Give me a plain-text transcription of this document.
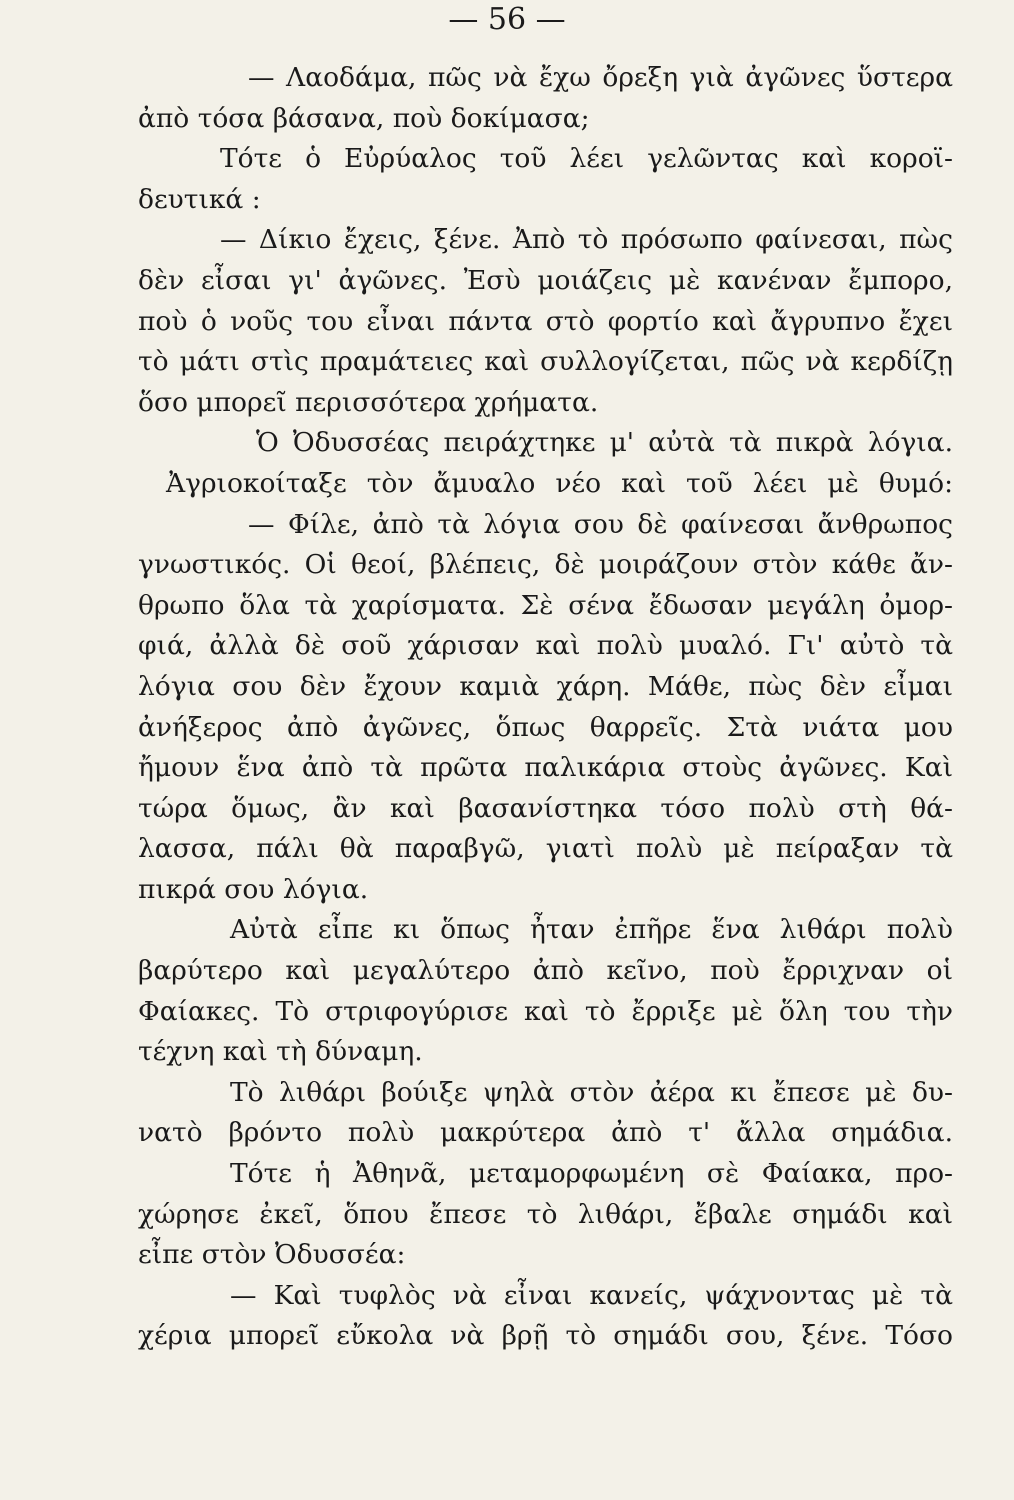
— 56 —
— Λαοδάμα, πῶς νὰ ἔχω ὄρεξη γιὰ ἀγῶνες ὕστερα
ἀπὸ τόσα βάσανα, ποὺ δοκίμασα;
Τότε ὁ Εὐρύαλος τοῦ λέει γελῶντας καὶ κοροϊ-
δευτικά :
— Δίκιο ἔχεις, ξένε. Ἀπὸ τὸ πρόσωπο φαίνεσαι, πὼς
δὲν εἶσαι γι' ἀγῶνες. Ἐσὺ μοιάζεις μὲ κανέναν ἔμπορο,
ποὺ ὁ νοῦς του εἶναι πάντα στὸ φορτίο καὶ ἄγρυπνο ἔχει
τὸ μάτι στὶς πραμάτειες καὶ συλλογίζεται, πῶς νὰ κερδίζῃ
ὅσο μπορεῖ περισσότερα χρήματα.
Ὁ Ὀδυσσέας πειράχτηκε μ' αὐτὰ τὰ πικρὰ λόγια.
Ἀγριοκοίταξε τὸν ἄμυαλο νέο καὶ τοῦ λέει μὲ θυμό:
— Φίλε, ἀπὸ τὰ λόγια σου δὲ φαίνεσαι ἄνθρωπος
γνωστικός. Οἱ θεοί, βλέπεις, δὲ μοιράζουν στὸν κάθε ἄν-
θρωπο ὅλα τὰ χαρίσματα. Σὲ σένα ἔδωσαν μεγάλη ὀμορ-
φιά, ἀλλὰ δὲ σοῦ χάρισαν καὶ πολὺ μυαλό. Γι' αὐτὸ τὰ
λόγια σου δὲν ἔχουν καμιὰ χάρη. Μάθε, πὼς δὲν εἶμαι
ἀνήξερος ἀπὸ ἀγῶνες, ὅπως θαρρεῖς. Στὰ νιάτα μου
ἤμουν ἕνα ἀπὸ τὰ πρῶτα παλικάρια στοὺς ἀγῶνες. Καὶ
τώρα ὅμως, ἂν καὶ βασανίστηκα τόσο πολὺ στὴ θά-
λασσα, πάλι θὰ παραβγῶ, γιατὶ πολὺ μὲ πείραξαν τὰ
πικρά σου λόγια.
Αὐτὰ εἶπε κι ὅπως ἦταν ἐπῆρε ἕνα λιθάρι πολὺ
βαρύτερο καὶ μεγαλύτερο ἀπὸ κεῖνο, ποὺ ἔρριχναν οἱ
Φαίακες. Τὸ στριφογύρισε καὶ τὸ ἔρριξε μὲ ὅλη του τὴν
τέχνη καὶ τὴ δύναμη.
Τὸ λιθάρι βούιξε ψηλὰ στὸν ἀέρα κι ἔπεσε μὲ δυ-
νατὸ βρόντο πολὺ μακρύτερα ἀπὸ τ' ἄλλα σημάδια.
Τότε ἡ Ἀθηνᾶ, μεταμορφωμένη σὲ Φαίακα, προ-
χώρησε ἐκεῖ, ὅπου ἔπεσε τὸ λιθάρι, ἔβαλε σημάδι καὶ
εἶπε στὸν Ὀδυσσέα:
— Καὶ τυφλὸς νὰ εἶναι κανείς, ψάχνοντας μὲ τὰ
χέρια μπορεῖ εὔκολα νὰ βρῇ τὸ σημάδι σου, ξένε. Τόσο
